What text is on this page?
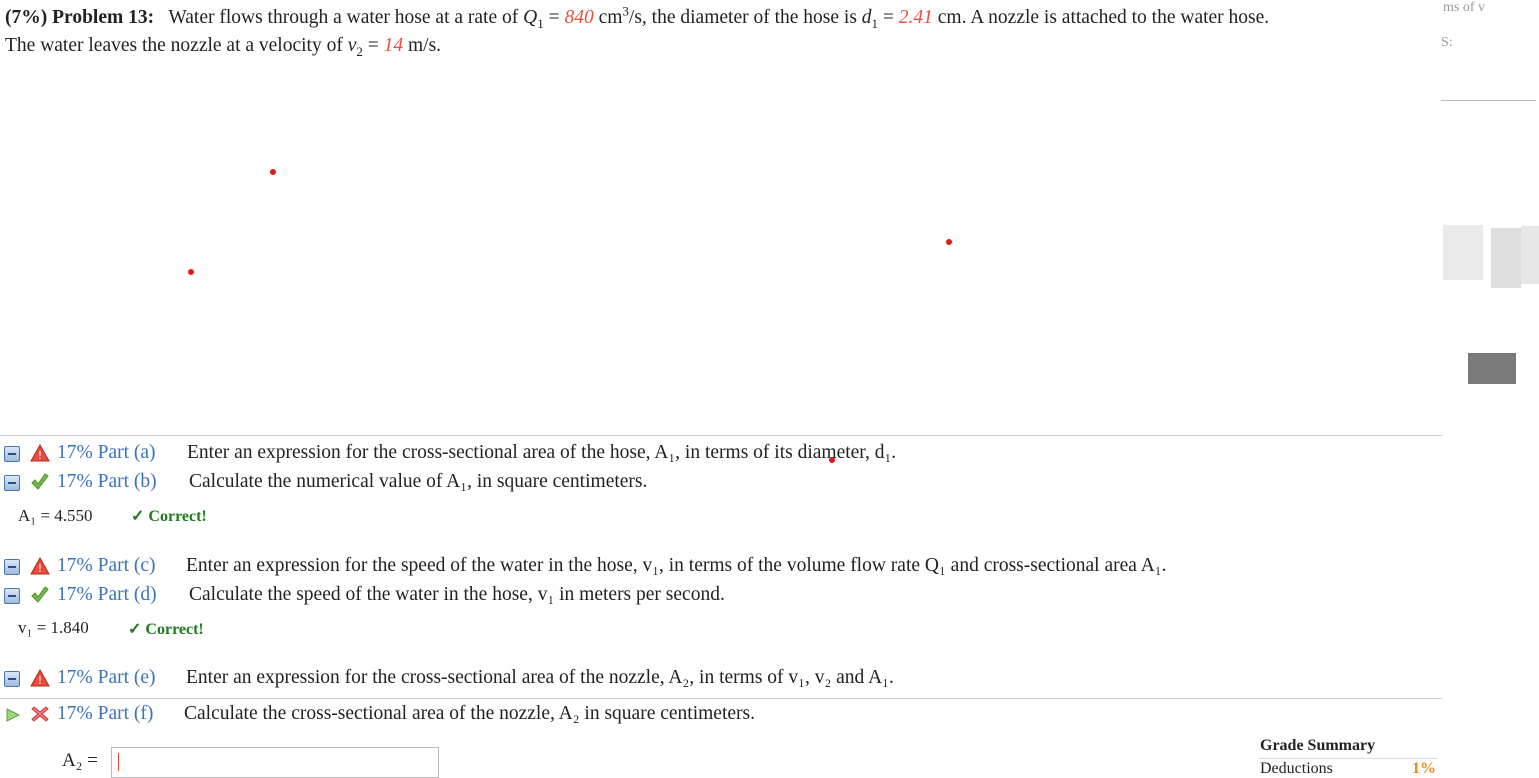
(7%) Problem 13: Water flows through a water hose at a rate of $Q_1 = 840$ $cm^3/s$, the diameter of the hose is $d_1 = 2.41$ cm. A nozzle is attached to the water hose.
The water leaves the nozzle at a velocity of $v_2 = 14$ m/s.
ms of v
S:
! 17% Part (a) Enter an expression for the cross-sectional area of the hose, A₁, in terms of its diameter, d₁.
17% Part (b) Calculate the numerical value of A₁, in square centimeters.
A₁ = 4.550 ✓ Correct!
! 17% Part (c) Enter an expression for the speed of the water in the hose, v₁, in terms of the volume flow rate Q₁ and cross-sectional area A₁.
17% Part (d) Calculate the speed of the water in the hose, v₁ in meters per second.
v₁ = 1.840 ✓ Correct!
! 17% Part (e) Enter an expression for the cross-sectional area of the nozzle, A₂, in terms of v₁, v₂ and A₁.
17% Part (f) Calculate the cross-sectional area of the nozzle, A₂ in square centimeters.
A₂ =
Grade Summary
Deductions	1%
